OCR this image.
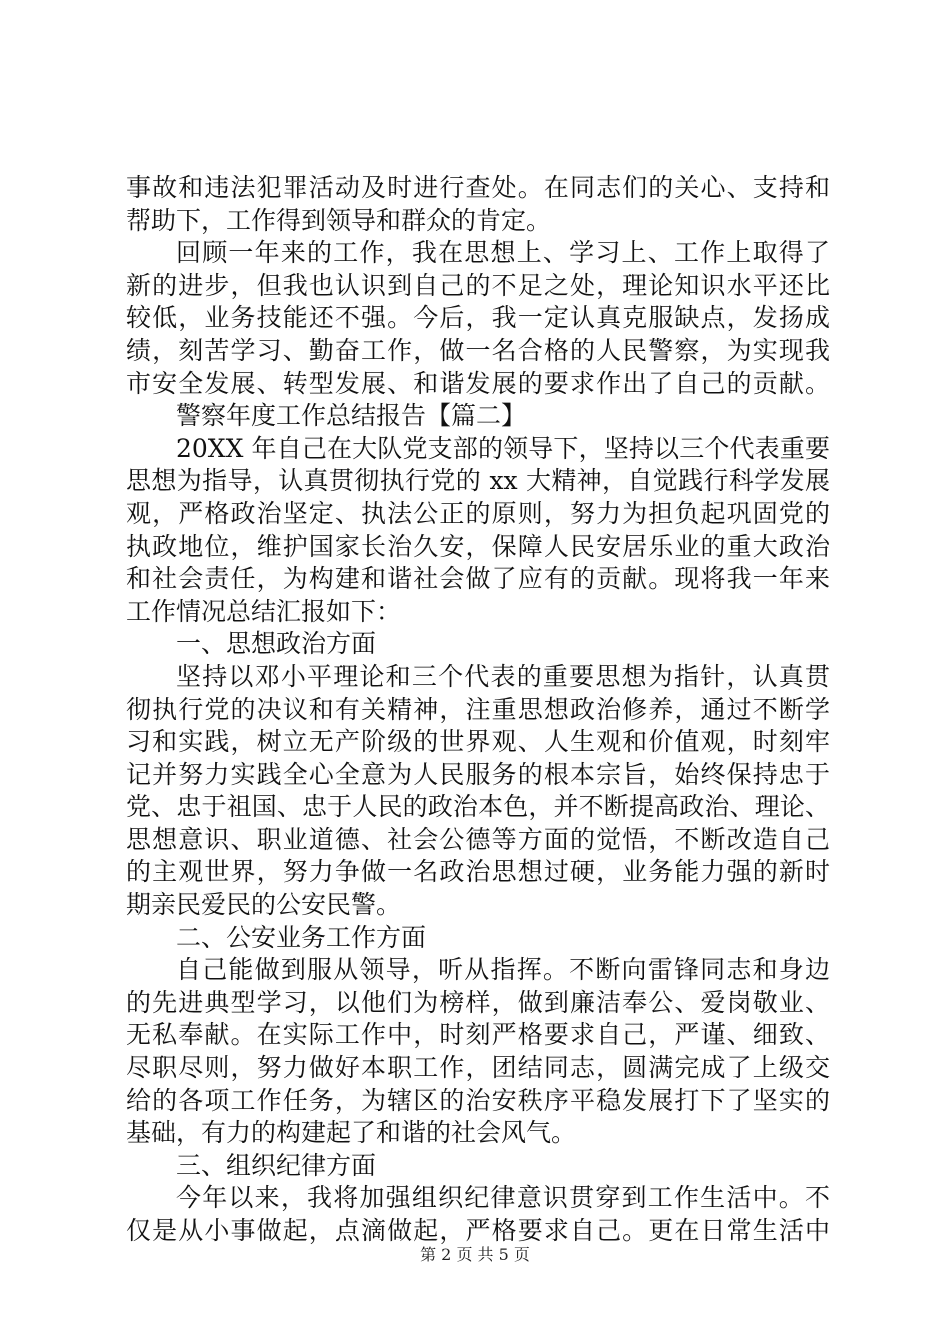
事故和违法犯罪活动及时进行查处。在同志们的关心、支持和
帮助下，工作得到领导和群众的肯定。
回顾一年来的工作，我在思想上、学习上、工作上取得了
新的进步，但我也认识到自己的不足之处，理论知识水平还比
较低，业务技能还不强。今后，我一定认真克服缺点，发扬成
绩，刻苦学习、勤奋工作，做一名合格的人民警察，为实现我
市安全发展、转型发展、和谐发展的要求作出了自己的贡献。
警察年度工作总结报告【篇二】
20XX 年自己在大队党支部的领导下，坚持以三个代表重要
思想为指导，认真贯彻执行党的 xx 大精神，自觉践行科学发展
观，严格政治坚定、执法公正的原则，努力为担负起巩固党的
执政地位，维护国家长治久安，保障人民安居乐业的重大政治
和社会责任，为构建和谐社会做了应有的贡献。现将我一年来
工作情况总结汇报如下：
一、思想政治方面
坚持以邓小平理论和三个代表的重要思想为指针，认真贯
彻执行党的决议和有关精神，注重思想政治修养，通过不断学
习和实践，树立无产阶级的世界观、人生观和价值观，时刻牢
记并努力实践全心全意为人民服务的根本宗旨，始终保持忠于
党、忠于祖国、忠于人民的政治本色，并不断提高政治、理论、
思想意识、职业道德、社会公德等方面的觉悟，不断改造自己
的主观世界，努力争做一名政治思想过硬，业务能力强的新时
期亲民爱民的公安民警。
二、公安业务工作方面
自己能做到服从领导，听从指挥。不断向雷锋同志和身边
的先进典型学习，以他们为榜样，做到廉洁奉公、爱岗敬业、
无私奉献。在实际工作中，时刻严格要求自己，严谨、细致、
尽职尽则，努力做好本职工作，团结同志，圆满完成了上级交
给的各项工作任务，为辖区的治安秩序平稳发展打下了坚实的
基础，有力的构建起了和谐的社会风气。
三、组织纪律方面
今年以来，我将加强组织纪律意识贯穿到工作生活中。不
仅是从小事做起，点滴做起，严格要求自己。更在日常生活中
第 2 页 共 5 页
